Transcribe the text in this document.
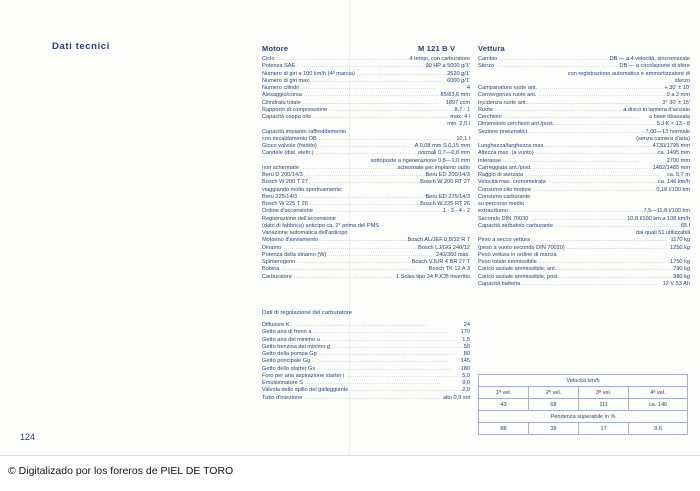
Dati tecnici	Motore	M 121 B V	Vettura
Ciclo .....	4 tempi, con carburatore
Potenza SAE .....	90 HP a 5000 g/1'
Numero di giri a 100 km/h (4ª marcia) .....	2520 g/1'
Numero di giri max. .....	6000 g/1'
Numero cilindri .....	4
Alesaggio/corsa .....	85/83,6 mm
Cilindrata totale .....	1897 ccm
Rapporto di compressione .....	8,7 : 1
Capacità coppa olio .....	max. 4 l
min. 2,5 l
Capacità impianto raffreddamento
con riscaldamento DB .....	10,1 l
Gioco valvole (freddo) .....	A 0,08 mm S 0,15 mm
Candele (dist. elettr.) .....	normali 0,7—0,8 mm
sottoposte a rigenerazione 0,8—1,0 mm
non schermate .....	schermate per impianto radio
Beru D 200/14/3 .....	Beru ED 200/14/3
Bosch W 200 T 27 .....	Bosch W 200 RT 27
viaggiando molto sportivamente:
Beru 225/14/3 .....	Beru ED 225/14/3
Bosch W 225 T 26 .....	Bosch W 225 RT 26
Ordine d'accensione .....	1 - 3 - 4 - 2
Registrazione dell'accensione
(dato di fabbrica) anticipo ca. 2° prima del PMS
Variazione automatica dell'anticipo
Motorino d'avviamento .....	Bosch AL/JEF 0,8/12 R 7
Dinamo .....	Bosch LJ/GG 240/12
Potenza della dinamo (W) .....	240/360 max.
Spinterogeno .....	Bosch VJUR 4 BR 27 T
Bobina .....	Bosch TK 12 A 3
Carburatore .....	1 Solex tipo 34 PJCB invertito
Dati di regolazione del carburatore
Diffusore K .....	24
Getto aria di freno a .....	170
Getto aria del minimo u .....	1,5
Getto benzina del minimo g .....	50
Getto della pompa Gp .....	80
Getto principale Gg .....	145
Getto dello starter Gs .....	180
Foro per aria aspirazione starter i .....	5,0
Emulsionatore S .....	9,0
Valvola dello spillo del galleggiante .....	2,0
Tubo d'iniezione .....	alto 0,9 sol
Cambio .....	DB — a 4 velocità, sincronizzate
Sterzo .....	DB — a circolazione di sfere
con registrazione automatica e ammortizzatore di
sterzo
Campanatura ruote ant. .....	+ 30' ± 10'
Convergenza ruote ant. .....	0 a 2 mm
Incidenza ruote ant. .....	3° 30' ± 15'
Ruote .....	a disco in lamiera d'acciaio
Cerchioni .....	a base ribassata
Dimensioni cerchioni ant./post. .....	5 J K × 13 - 8
Sezione pneumatici .....	7,00—13 normale
(senza camera d'aria)
Lunghezza/larghezza max. .....	4730/1795 mm
Altezza max. (a vuoto) .....	ca. 1495 mm
Interasse .....	2700 mm
Carreggiata ant./post. .....	1482/1485 mm
Raggio di sterzata .....	ca. 5,7 m
Velocità max. cronometrata .....	ca. 146 km/h
Consumo olio motore .....	0,18 l/100 km
Consumo carburante
su percorso medio
extraurbano .....	7,5—11,8 l/100 km
Secondo DIN 70030 .....	10,8 l/100 km a 108 km/h
Capacità serbatoio carburante .....	65 l
dai quali 51 utilizzabili
Peso a secco vettura .....	1170 kg
(peso a vuoto secondo DIN 70020) .....	1250 kg
Peso vettura in ordine di marcia
Peso totale ammissibile .....	1750 kg
Carico assiale ammissibile, ant. .....	790 kg
Carico assiale ammissibile, post. .....	980 kg
Capacità batteria .....	12 V 53 Ah
Velocità km/h			
1ª vel.	2ª vel.	3ª vel.	4ª vel.
43	68	111	ca. 146
Pendenza superabile in %			
88	39	17	9,6
124
© Digitalizado por los foreros de PIEL DE TORO
